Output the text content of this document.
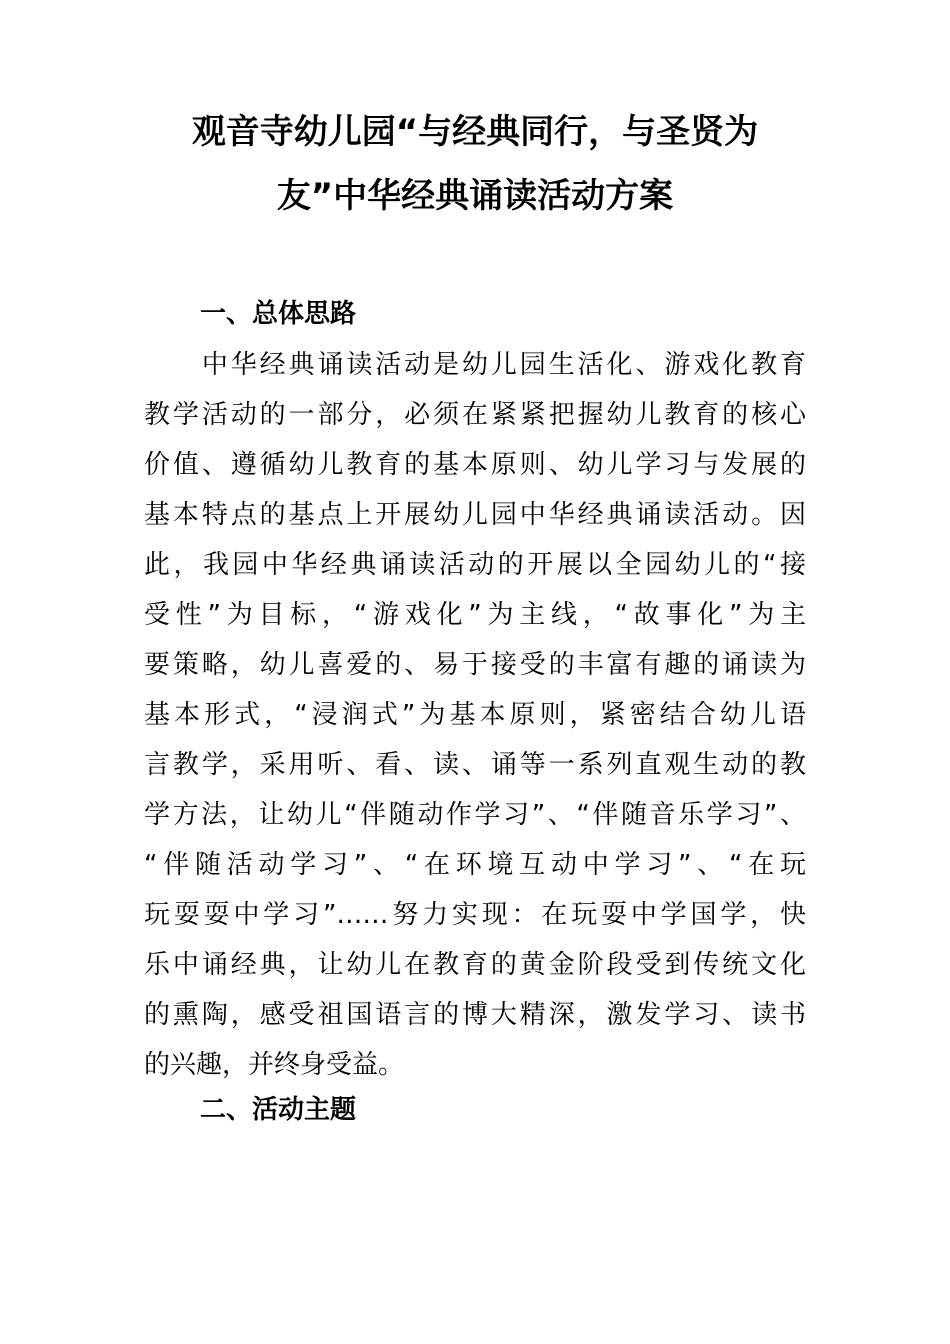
观音寺幼儿园“与经典同行，与圣贤为
友”中华经典诵读活动方案
一、总体思路
　　中华经典诵读活动是幼儿园生活化、游戏化教育
教学活动的一部分，必须在紧紧把握幼儿教育的核心
价值、遵循幼儿教育的基本原则、幼儿学习与发展的
基本特点的基点上开展幼儿园中华经典诵读活动。因
此，我园中华经典诵读活动的开展以全园幼儿的“接
受性”为目标，“游戏化”为主线，“故事化”为主
要策略，幼儿喜爱的、易于接受的丰富有趣的诵读为
基本形式，“浸润式”为基本原则，紧密结合幼儿语
言教学，采用听、看、读、诵等一系列直观生动的教
学方法，让幼儿“伴随动作学习”、“伴随音乐学习”、
“伴随活动学习”、“在环境互动中学习”、“在玩
玩耍耍中学习”……努力实现：在玩耍中学国学，快
乐中诵经典，让幼儿在教育的黄金阶段受到传统文化
的熏陶，感受祖国语言的博大精深，激发学习、读书
的兴趣，并终身受益。
二、活动主题
